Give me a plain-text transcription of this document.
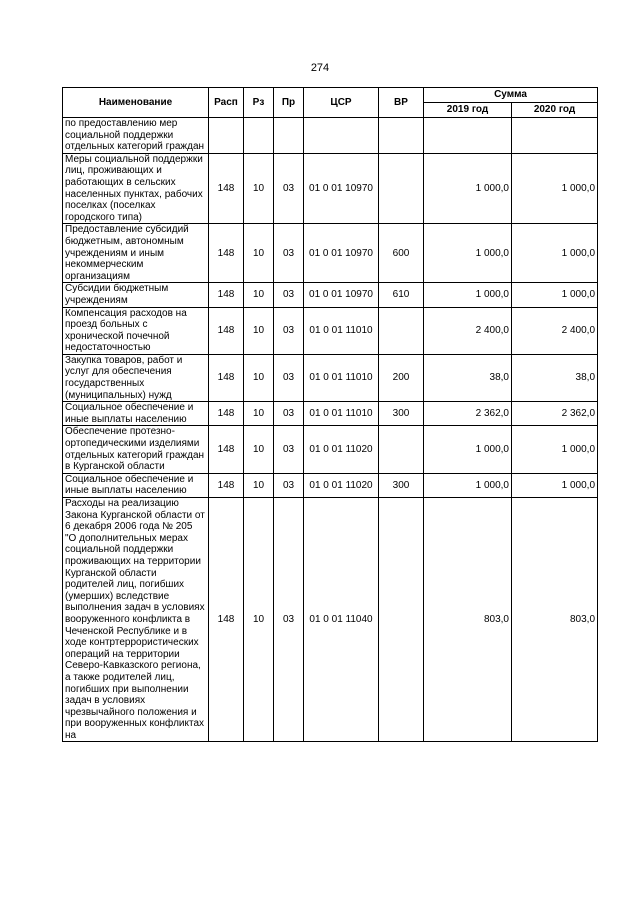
274
Наименование	Расп	Рз	Пр	ЦСР	ВР	Сумма	
						2019 год	2020 год
по предоставлению мер социальной поддержки отдельных категорий граждан							
Меры социальной поддержки лиц, проживающих и работающих в сельских населенных пунктах, рабочих поселках (поселках городского типа)	148	10	03	01 0 01 10970		1 000,0	1 000,0
Предоставление субсидий бюджетным, автономным учреждениям и иным некоммерческим организациям	148	10	03	01 0 01 10970	600	1 000,0	1 000,0
Субсидии бюджетным учреждениям	148	10	03	01 0 01 10970	610	1 000,0	1 000,0
Компенсация расходов на проезд больных с хронической почечной недостаточностью	148	10	03	01 0 01 11010		2 400,0	2 400,0
Закупка товаров, работ и услуг для обеспечения государственных (муниципальных) нужд	148	10	03	01 0 01 11010	200	38,0	38,0
Социальное обеспечение и иные выплаты населению	148	10	03	01 0 01 11010	300	2 362,0	2 362,0
Обеспечение протезно-ортопедическими изделиями отдельных категорий граждан в Курганской области	148	10	03	01 0 01 11020		1 000,0	1 000,0
Социальное обеспечение и иные выплаты населению	148	10	03	01 0 01 11020	300	1 000,0	1 000,0
Расходы на реализацию Закона Курганской области от 6 декабря 2006 года № 205 "О дополнительных мерах социальной поддержки проживающих на территории Курганской области родителей лиц, погибших (умерших) вследствие выполнения задач в условиях вооруженного конфликта в Чеченской Республике и в ходе контртеррористических операций на территории Северо-Кавказского региона, а также родителей лиц, погибших при выполнении задач в условиях чрезвычайного положения и при вооруженных конфликтах на	148	10	03	01 0 01 11040		803,0	803,0
